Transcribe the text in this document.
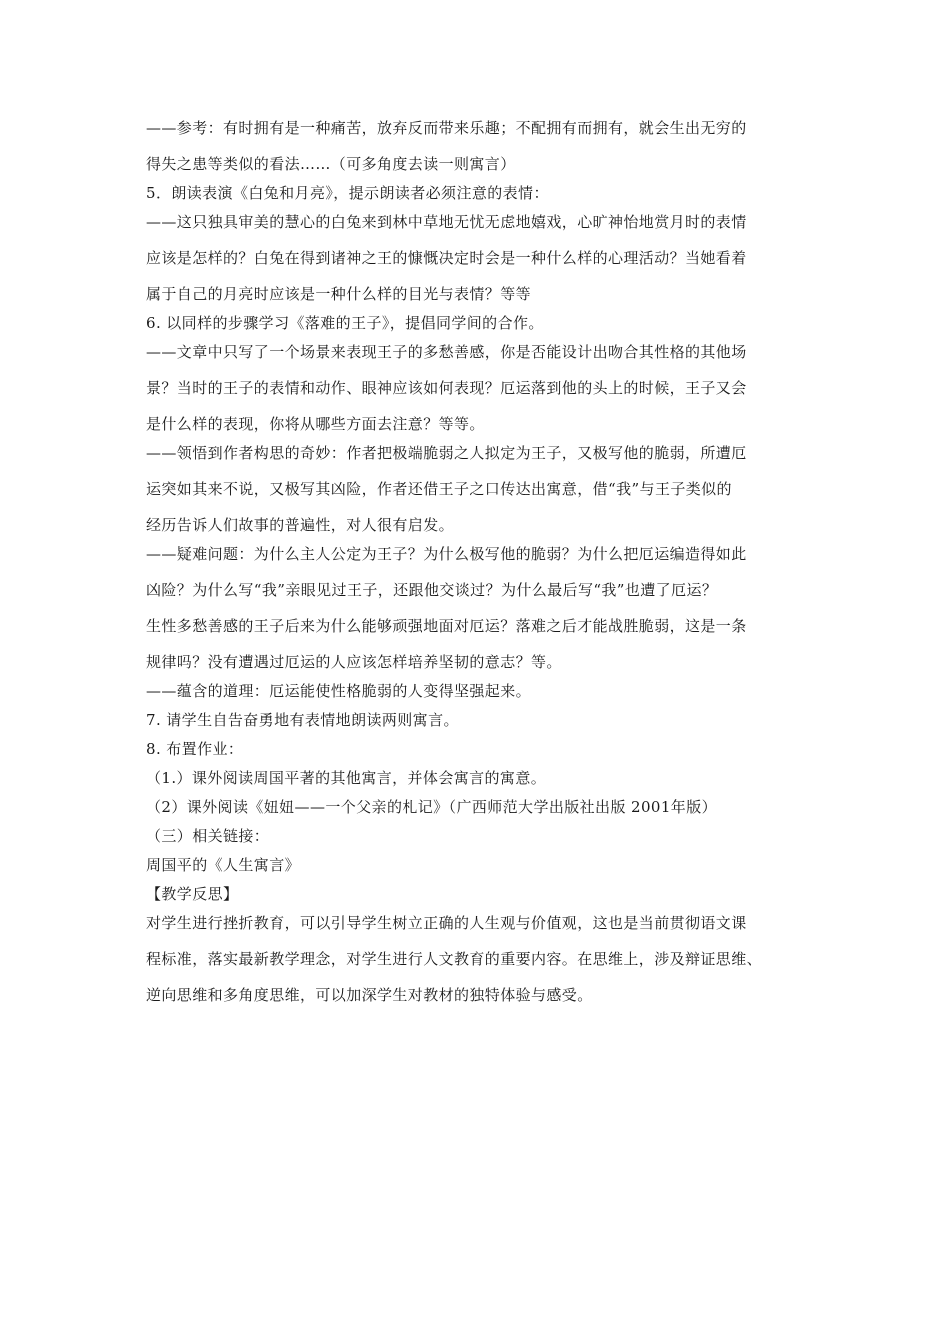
——参考：有时拥有是一种痛苦，放弃反而带来乐趣；不配拥有而拥有，就会生出无穷的
得失之患等类似的看法……（可多角度去读一则寓言）
5．朗读表演《白兔和月亮》，提示朗读者必须注意的表情：
——这只独具审美的慧心的白兔来到林中草地无忧无虑地嬉戏，心旷神怡地赏月时的表情
应该是怎样的？白兔在得到诸神之王的慷慨决定时会是一种什么样的心理活动？当她看着
属于自己的月亮时应该是一种什么样的目光与表情？等等
6. 以同样的步骤学习《落难的王子》，提倡同学间的合作。
——文章中只写了一个场景来表现王子的多愁善感，你是否能设计出吻合其性格的其他场
景？当时的王子的表情和动作、眼神应该如何表现？厄运落到他的头上的时候，王子又会
是什么样的表现，你将从哪些方面去注意？等等。
——领悟到作者构思的奇妙：作者把极端脆弱之人拟定为王子，又极写他的脆弱，所遭厄
运突如其来不说，又极写其凶险，作者还借王子之口传达出寓意，借“我”与王子类似的
经历告诉人们故事的普遍性，对人很有启发。
——疑难问题：为什么主人公定为王子？为什么极写他的脆弱？为什么把厄运编造得如此
凶险？为什么写“我”亲眼见过王子，还跟他交谈过？为什么最后写“我”也遭了厄运？
生性多愁善感的王子后来为什么能够顽强地面对厄运？落难之后才能战胜脆弱，这是一条
规律吗？没有遭遇过厄运的人应该怎样培养坚韧的意志？等。
——蕴含的道理：厄运能使性格脆弱的人变得坚强起来。
7. 请学生自告奋勇地有表情地朗读两则寓言。
8. 布置作业：
（1.）课外阅读周国平著的其他寓言，并体会寓言的寓意。
（2）课外阅读《妞妞——一个父亲的札记》（广西师范大学出版社出版 2001年版）
（三）相关链接：
周国平的《人生寓言》
【教学反思】
对学生进行挫折教育，可以引导学生树立正确的人生观与价值观，这也是当前贯彻语文课
程标准，落实最新教学理念，对学生进行人文教育的重要内容。在思维上，涉及辩证思维、
逆向思维和多角度思维，可以加深学生对教材的独特体验与感受。
